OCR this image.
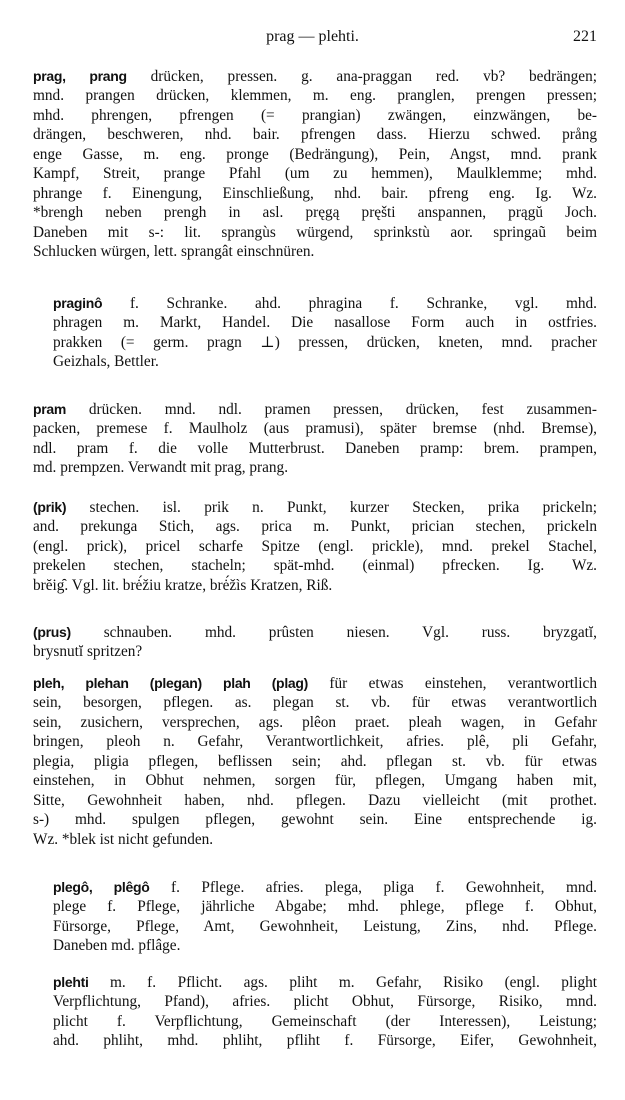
prag — plehti.	221
prag, prang drücken, pressen. g. ana-praggan red. vb? bedrängen;
mnd. prangen drücken, klemmen, m. eng. pranglen, prengen pressen;
mhd. phrengen, pfrengen (= prangian) zwängen, einzwängen, be-
drängen, beschweren, nhd. bair. pfrengen dass. Hierzu schwed. prång
enge Gasse, m. eng. pronge (Bedrängung), Pein, Angst, mnd. prank
Kampf, Streit, prange Pfahl (um zu hemmen), Maulklemme; mhd.
phrange f. Einengung, Einschließung, nhd. bair. pfreng eng. Ig. Wz.
*brengh neben prengh in asl. pręgą pręšti anspannen, prągŭ Joch.
Daneben mit s-: lit. sprangùs würgend, sprinkstù aor. springaũ beim
Schlucken würgen, lett. sprangât einschnüren.
praginô f. Schranke. ahd. phragina f. Schranke, vgl. mhd.
phragen m. Markt, Handel. Die nasallose Form auch in ostfries.
prakken (= germ. pragn ⊥) pressen, drücken, kneten, mnd. pracher
Geizhals, Bettler.
pram drücken. mnd. ndl. pramen pressen, drücken, fest zusammen-
packen, premese f. Maulholz (aus pramusi), später bremse (nhd. Bremse),
ndl. pram f. die volle Mutterbrust. Daneben pramp: brem. prampen,
md. prempzen. Verwandt mit prag, prang.
(prik) stechen. isl. prik n. Punkt, kurzer Stecken, prika prickeln;
and. prekunga Stich, ags. prica m. Punkt, prician stechen, prickeln
(engl. prick), pricel scharfe Spitze (engl. prickle), mnd. prekel Stachel,
prekelen stechen, stacheln; spät-mhd. (einmal) pfrecken. Ig. Wz.
brĕig̑. Vgl. lit. brė́žiu kratze, brė́žìs Kratzen, Riß.
(prus) schnauben. mhd. prûsten niesen. Vgl. russ. bryzgatĭ,
brysnutĭ spritzen?
pleh, plehan (plegan) plah (plag) für etwas einstehen, verantwortlich
sein, besorgen, pflegen. as. plegan st. vb. für etwas verantwortlich
sein, zusichern, versprechen, ags. plêon praet. pleah wagen, in Gefahr
bringen, pleoh n. Gefahr, Verantwortlichkeit, afries. plê, pli Gefahr,
plegia, pligia pflegen, beflissen sein; ahd. pflegan st. vb. für etwas
einstehen, in Obhut nehmen, sorgen für, pflegen, Umgang haben mit,
Sitte, Gewohnheit haben, nhd. pflegen. Dazu vielleicht (mit prothet.
s-) mhd. spulgen pflegen, gewohnt sein. Eine entsprechende ig.
Wz. *blek ist nicht gefunden.
plegô, plêgô f. Pflege. afries. plega, pliga f. Gewohnheit, mnd.
plege f. Pflege, jährliche Abgabe; mhd. phlege, pflege f. Obhut,
Fürsorge, Pflege, Amt, Gewohnheit, Leistung, Zins, nhd. Pflege.
Daneben md. pflâge.
plehti m. f. Pflicht. ags. pliht m. Gefahr, Risiko (engl. plight
Verpflichtung, Pfand), afries. plicht Obhut, Fürsorge, Risiko, mnd.
plicht f. Verpflichtung, Gemeinschaft (der Interessen), Leistung;
ahd. phliht, mhd. phliht, pfliht f. Fürsorge, Eifer, Gewohnheit,
